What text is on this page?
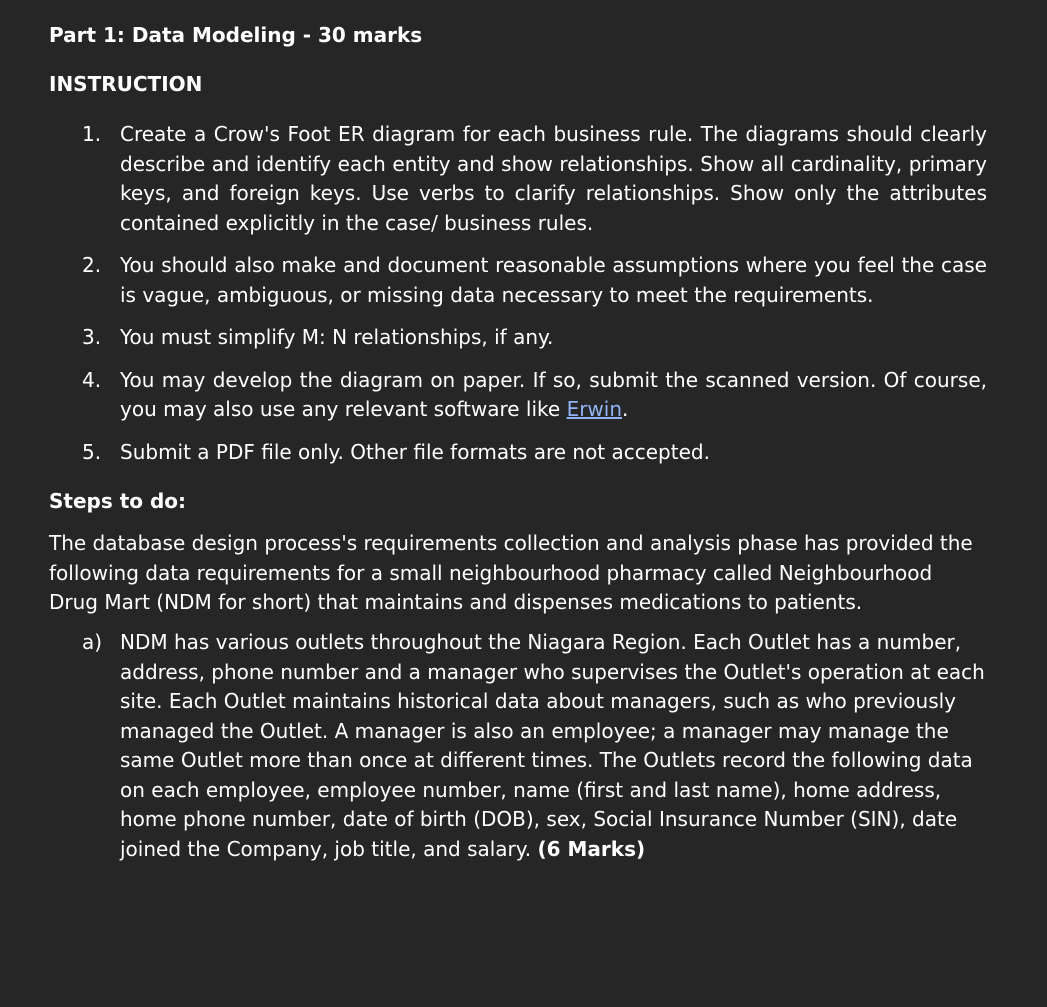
Part 1: Data Modeling - 30 marks
INSTRUCTION
1. Create a Crow's Foot ER diagram for each business rule. The diagrams should clearly describe and identify each entity and show relationships. Show all cardinality, primary keys, and foreign keys. Use verbs to clarify relationships. Show only the attributes contained explicitly in the case/ business rules.
2. You should also make and document reasonable assumptions where you feel the case is vague, ambiguous, or missing data necessary to meet the requirements.
3. You must simplify M: N relationships, if any.
4. You may develop the diagram on paper. If so, submit the scanned version. Of course, you may also use any relevant software like Erwin.
5. Submit a PDF file only. Other file formats are not accepted.
Steps to do:

The database design process's requirements collection and analysis phase has provided the following data requirements for a small neighbourhood pharmacy called Neighbourhood Drug Mart (NDM for short) that maintains and dispenses medications to patients.

a) NDM has various outlets throughout the Niagara Region. Each Outlet has a number, address, phone number and a manager who supervises the Outlet's operation at each site. Each Outlet maintains historical data about managers, such as who previously managed the Outlet. A manager is also an employee; a manager may manage the same Outlet more than once at different times. The Outlets record the following data on each employee, employee number, name (first and last name), home address, home phone number, date of birth (DOB), sex, Social Insurance Number (SIN), date joined the Company, job title, and salary. (6 Marks)
